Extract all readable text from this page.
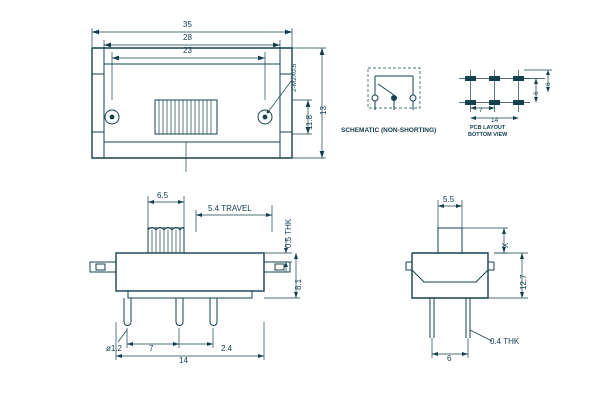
35
28
23
2-M2X0.5
11.8
13
SCHEMATIC (NON-SHORTING)
7
14
6
6
PCB LAYOUT
BOTTOM VIEW
6.5
5.4 TRAVEL
0.5 THK
8.1
ø1.2	7	2.4
14
5.5
X
12.7
6
0.4 THK
